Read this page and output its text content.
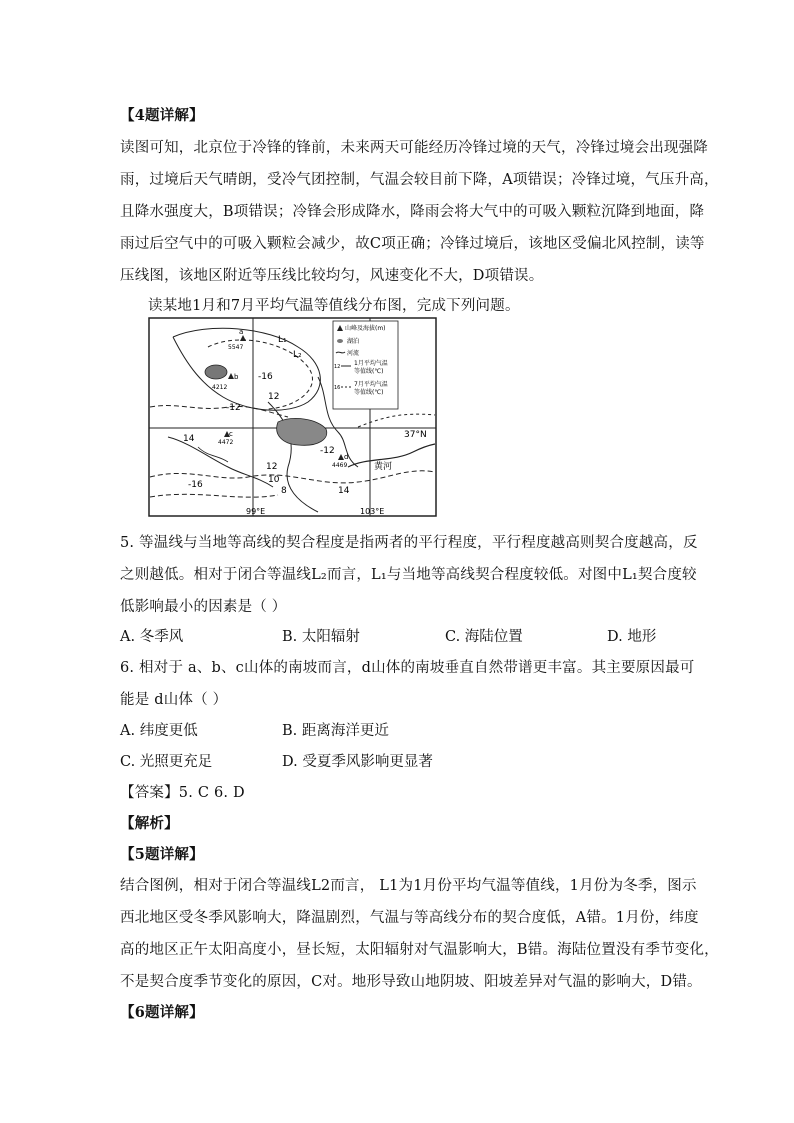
【4题详解】
读图可知，北京位于冷锋的锋前，未来两天可能经历冷锋过境的天气，冷锋过境会出现强降
雨，过境后天气晴朗，受冷气团控制，气温会较目前下降，A项错误；冷锋过境，气压升高，
且降水强度大，B项错误；冷锋会形成降水，降雨会将大气中的可吸入颗粒沉降到地面，降
雨过后空气中的可吸入颗粒会减少，故C项正确；冷锋过境后，该地区受偏北风控制，读等
压线图，该地区附近等压线比较均匀，风速变化不大，D项错误。
读某地1月和7月平均气温等值线分布图，完成下列问题。
a
5547
b
4212
c
4472
d
4469
L₁
L₂
-16
-12
12
14
-12
12
10
8
-16
14
37°N
99°E	103°E
黄河
山峰及海拔(m)
湖泊
河流
12 1月平均气温
等值线(℃)
16 7月平均气温
等值线(℃)
5. 等温线与当地等高线的契合程度是指两者的平行程度，平行程度越高则契合度越高，反
之则越低。相对于闭合等温线L₂而言，L₁与当地等高线契合程度较低。对图中L₁契合度较
低影响最小的因素是（ ）
A. 冬季风	B. 太阳辐射	C. 海陆位置	D. 地形
6. 相对于 a、b、c山体的南坡而言，d山体的南坡垂直自然带谱更丰富。其主要原因最可
能是 d山体（ ）
A. 纬度更低	B. 距离海洋更近
C. 光照更充足	D. 受夏季风影响更显著
【答案】5. C 6. D
【解析】
【5题详解】
结合图例，相对于闭合等温线L2而言， L1为1月份平均气温等值线，1月份为冬季，图示
西北地区受冬季风影响大，降温剧烈，气温与等高线分布的契合度低，A错。1月份，纬度
高的地区正午太阳高度小，昼长短，太阳辐射对气温影响大，B错。海陆位置没有季节变化，
不是契合度季节变化的原因，C对。地形导致山地阴坡、阳坡差异对气温的影响大，D错。
【6题详解】
